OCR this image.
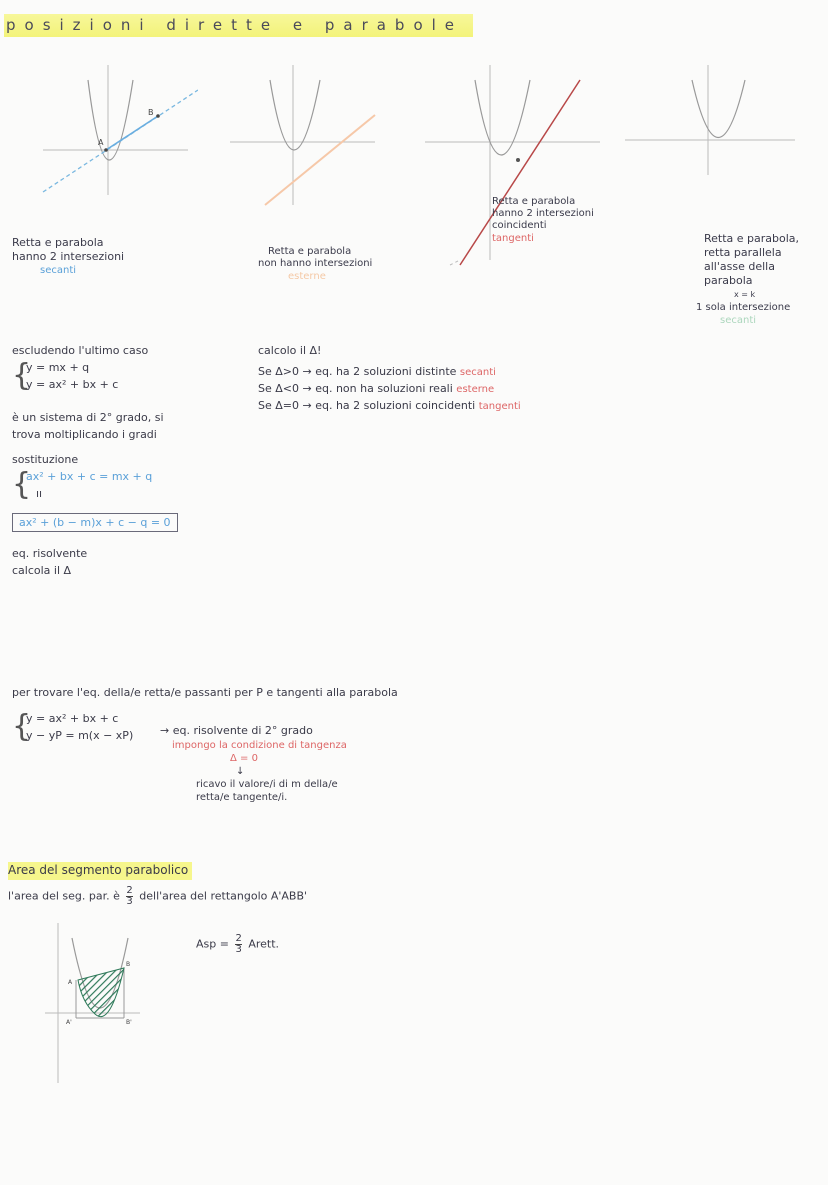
posizioni dirette e parabole
A
B
Retta e parabola
hanno 2 intersezioni
secanti
Retta e parabola
non hanno intersezioni
esterne
Retta e parabola
hanno 2 intersezioni
coincidenti
tangenti	Retta e parabola,
retta parallela
all'asse della
parabola
x = k
1 sola intersezione
secanti
escludendo l'ultimo caso
{
y = mx + q
y = ax² + bx + c
è un sistema di 2° grado, si
trova moltiplicando i gradi
sostituzione
{
ax² + bx + c = mx + q
ıı
ax² + (b − m)x + c − q = 0
eq. risolvente
calcola il Δ
calcolo il Δ!
Se Δ>0 → eq. ha 2 soluzioni distinte secanti
Se Δ<0 → eq. non ha soluzioni reali esterne
Se Δ=0 → eq. ha 2 soluzioni coincidenti tangenti
per trovare l'eq. della/e retta/e passanti per P e tangenti alla parabola
{
y = ax² + bx + c
y − yP = m(x − xP) → eq. risolvente di 2° grado
impongo la condizione di tangenza
Δ = 0
↓
ricavo il valore/i di m della/e
retta/e tangente/i.
Area del segmento parabolico
l'area del seg. par. è $\frac{2}{3}$ dell'area del rettangolo A'ABB'
A
B
A'	B'
Asp = $\frac{2}{3}$ Arett.
